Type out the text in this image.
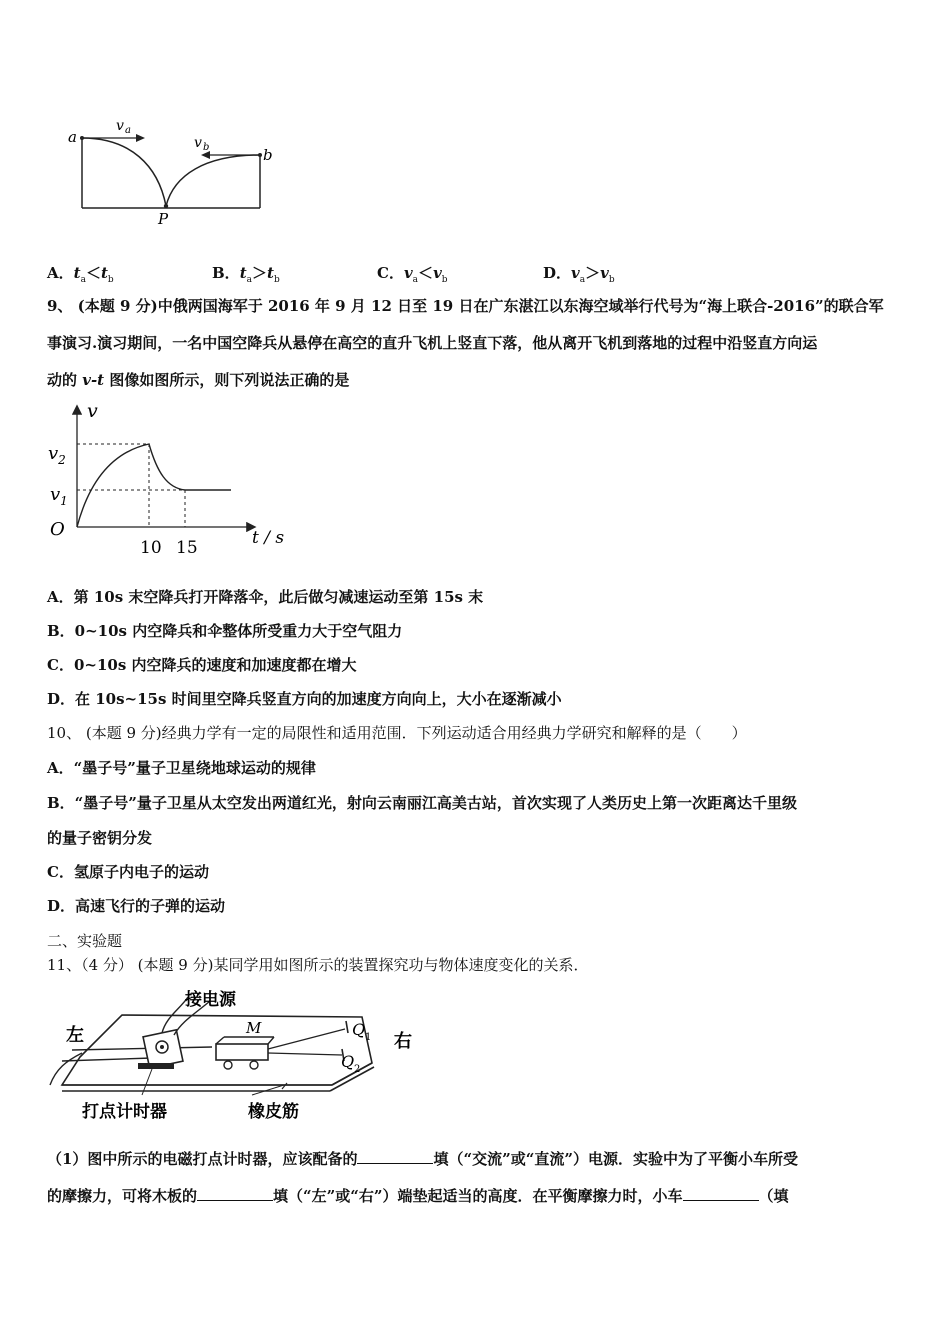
a
b
P
v a
v b
A．$t_a<t_b$	B．$t_a>t_b$	C．$v_a<v_b$	D．$v_a>v_b$
9、 (本题 9 分)中俄两国海军于 2016 年 9 月 12 日至 19 日在广东湛江以东海空域举行代号为“海上联合-2016”的联合军
事演习.演习期间，一名中国空降兵从悬停在高空的直升飞机上竖直下落，他从离开飞机到落地的过程中沿竖直方向运
动的 v-t 图像如图所示，则下列说法正确的是
v
t / s
O
$v_2$
$v_1$
10 15
A．第 10s 末空降兵打开降落伞，此后做匀减速运动至第 15s 末
B．0~10s 内空降兵和伞整体所受重力大于空气阻力
C．0~10s 内空降兵的速度和加速度都在增大
D．在 10s~15s 时间里空降兵竖直方向的加速度方向向上，大小在逐渐减小
10、 (本题 9 分)经典力学有一定的局限性和适用范围．下列运动适合用经典力学研究和解释的是（　　）
A．“墨子号”量子卫星绕地球运动的规律
B．“墨子号”量子卫星从太空发出两道红光，射向云南丽江高美古站，首次实现了人类历史上第一次距离达千里级
的量子密钥分发
C．氢原子内电子的运动
D．高速飞行的子弹的运动
二、实验题
11、（4 分） (本题 9 分)某同学用如图所示的装置探究功与物体速度变化的关系．
接电源
左	右
M	Q 1
Q 2
打点计时器	橡皮筋
（1）图中所示的电磁打点计时器，应该配备的	填（“交流”或“直流”）电源．实验中为了平衡小车所受
的摩擦力，可将木板的	填（“左”或“右”）端垫起适当的高度．在平衡摩擦力时，小车	（填
